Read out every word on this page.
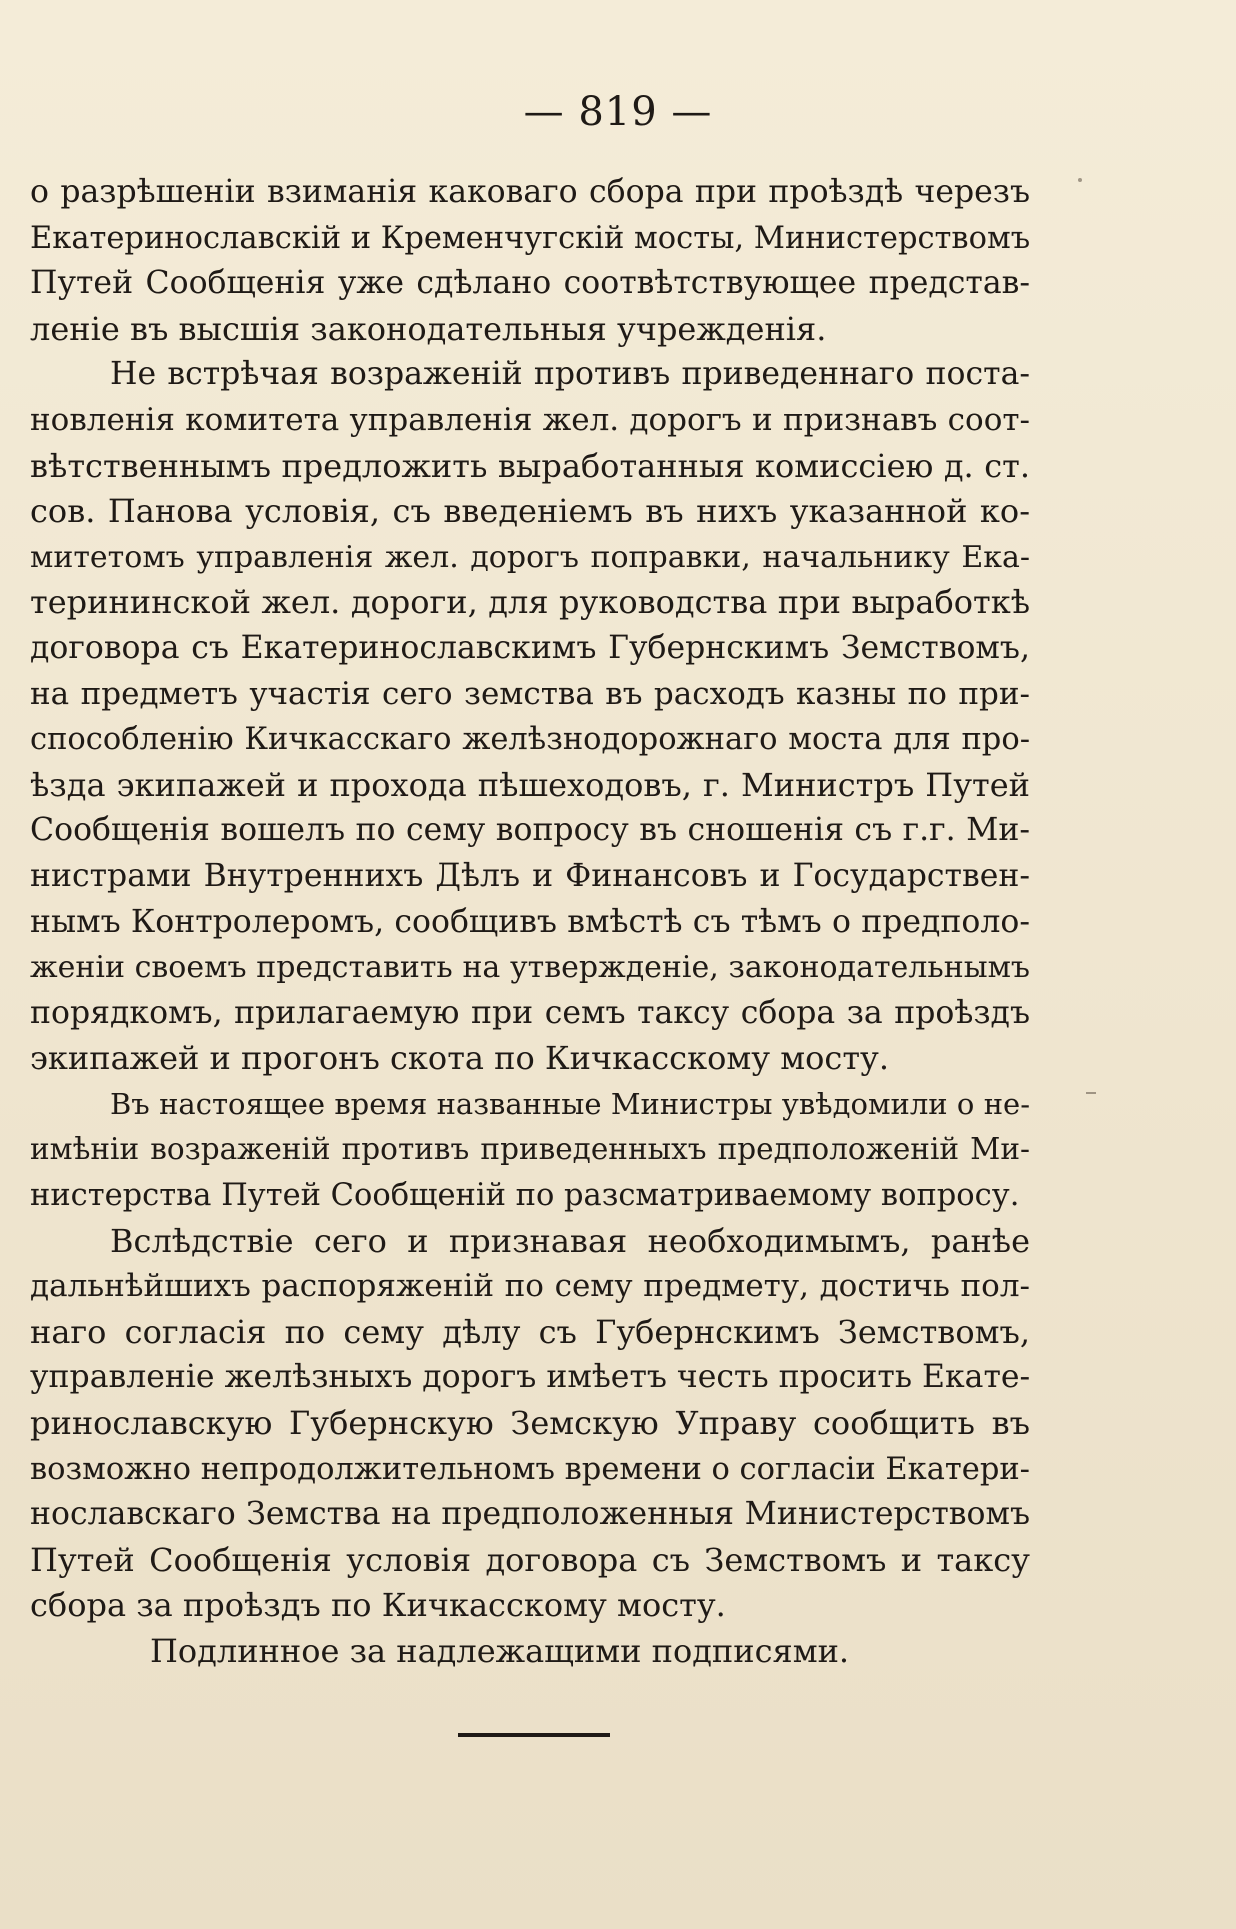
— 819 —
о разрѣшеніи взиманія каковаго сбора при проѣздѣ черезъ
Екатеринославскій и Кременчугскій мосты, Министерствомъ
Путей Сообщенія уже сдѣлано соотвѣтствующее представ-
леніе въ высшія законодательныя учрежденія.
Не встрѣчая возраженій противъ приведеннаго поста-
новленія комитета управленія жел. дорогъ и признавъ соот-
вѣтственнымъ предложить выработанныя комиссіею д. ст.
сов. Панова условія, съ введеніемъ въ нихъ указанной ко-
митетомъ управленія жел. дорогъ поправки, начальнику Ека-
терининской жел. дороги, для руководства при выработкѣ
договора съ Екатеринославскимъ Губернскимъ Земствомъ,
на предметъ участія сего земства въ расходъ казны по при-
способленію Кичкасскаго желѣзнодорожнаго моста для про-
ѣзда экипажей и прохода пѣшеходовъ, г. Министръ Путей
Сообщенія вошелъ по сему вопросу въ сношенія съ г.г. Ми-
нистрами Внутреннихъ Дѣлъ и Финансовъ и Государствен-
нымъ Контролеромъ, сообщивъ вмѣстѣ съ тѣмъ о предполо-
женіи своемъ представить на утвержденіе, законодательнымъ
порядкомъ, прилагаемую при семъ таксу сбора за проѣздъ
экипажей и прогонъ скота по Кичкасскому мосту.
Въ настоящее время названные Министры увѣдомили о не-
имѣніи возраженій противъ приведенныхъ предположеній Ми-
нистерства Путей Сообщеній по разсматриваемому вопросу.
Вслѣдствіе сего и признавая необходимымъ, ранѣе
дальнѣйшихъ распоряженій по сему предмету, достичь пол-
наго согласія по сему дѣлу съ Губернскимъ Земствомъ,
управленіе желѣзныхъ дорогъ имѣетъ честь просить Екате-
ринославскую Губернскую Земскую Управу сообщить въ
возможно непродолжительномъ времени о согласіи Екатери-
нославскаго Земства на предположенныя Министерствомъ
Путей Сообщенія условія договора съ Земствомъ и таксу
сбора за проѣздъ по Кичкасскому мосту.
Подлинное за надлежащими подписями.
